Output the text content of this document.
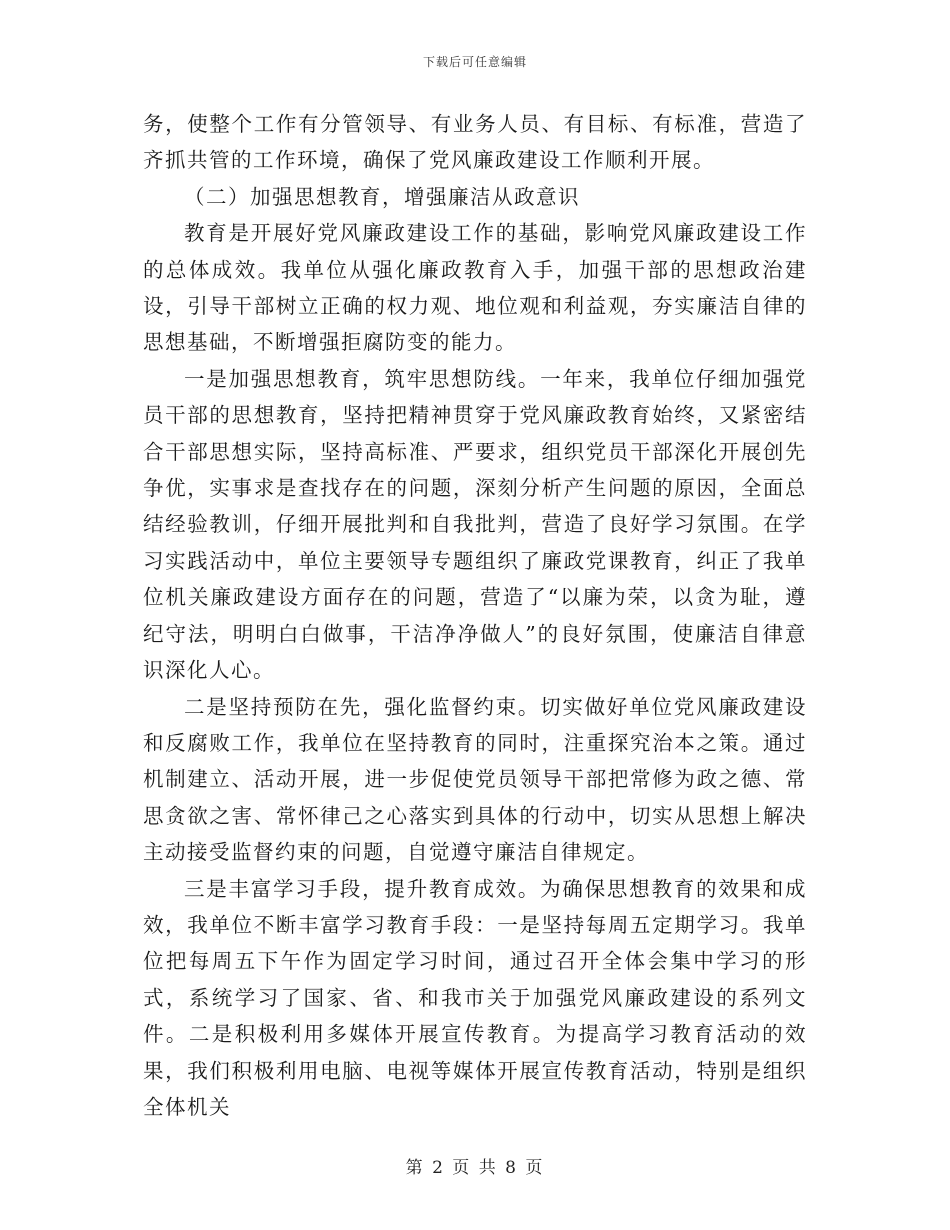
下载后可任意编辑

务，使整个工作有分管领导、有业务人员、有目标、有标准，营造了齐抓共管的工作环境，确保了党风廉政建设工作顺利开展。

（二）加强思想教育，增强廉洁从政意识

教育是开展好党风廉政建设工作的基础，影响党风廉政建设工作的总体成效。我单位从强化廉政教育入手，加强干部的思想政治建设，引导干部树立正确的权力观、地位观和利益观，夯实廉洁自律的思想基础，不断增强拒腐防变的能力。

一是加强思想教育，筑牢思想防线。一年来，我单位仔细加强党员干部的思想教育，坚持把精神贯穿于党风廉政教育始终，又紧密结合干部思想实际，坚持高标准、严要求，组织党员干部深化开展创先争优，实事求是查找存在的问题，深刻分析产生问题的原因，全面总结经验教训，仔细开展批判和自我批判，营造了良好学习氛围。在学习实践活动中，单位主要领导专题组织了廉政党课教育，纠正了我单位机关廉政建设方面存在的问题，营造了“以廉为荣，以贪为耻，遵纪守法，明明白白做事，干洁净净做人”的良好氛围，使廉洁自律意识深化人心。

二是坚持预防在先，强化监督约束。切实做好单位党风廉政建设和反腐败工作，我单位在坚持教育的同时，注重探究治本之策。通过机制建立、活动开展，进一步促使党员领导干部把常修为政之德、常思贪欲之害、常怀律己之心落实到具体的行动中，切实从思想上解决主动接受监督约束的问题，自觉遵守廉洁自律规定。

三是丰富学习手段，提升教育成效。为确保思想教育的效果和成效，我单位不断丰富学习教育手段：一是坚持每周五定期学习。我单位把每周五下午作为固定学习时间，通过召开全体会集中学习的形式，系统学习了国家、省、和我市关于加强党风廉政建设的系列文件。二是积极利用多媒体开展宣传教育。为提高学习教育活动的效果，我们积极利用电脑、电视等媒体开展宣传教育活动，特别是组织全体机关

第 2 页 共 8 页
